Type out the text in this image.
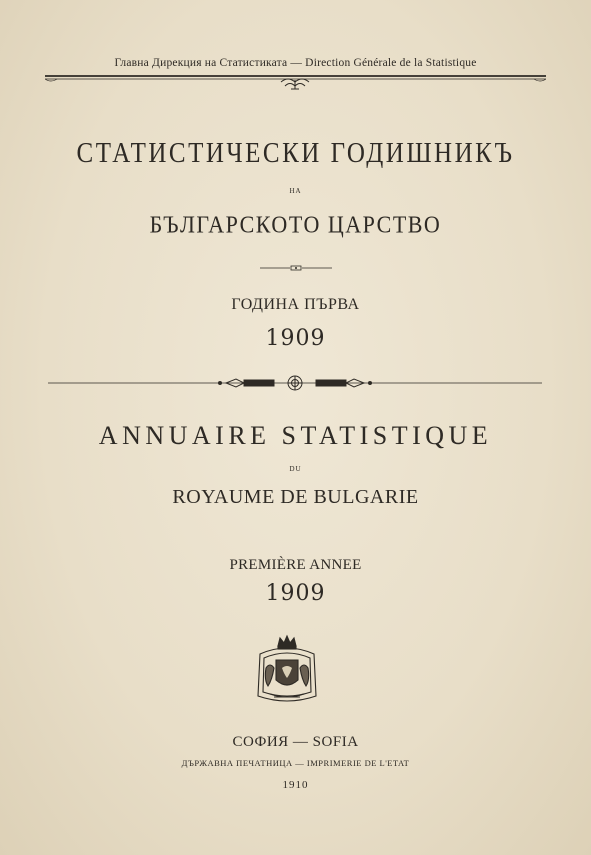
Главна Дирекция на Статистиката — Direction Générale de la Statistique
СТАТИСТИЧЕСКИ ГОДИШНИКЪ
НА
БЪЛГАРСКОТО ЦАРСТВО
ГОДИНА ПЪРВА
1909
ANNUAIRE STATISTIQUE
DU
ROYAUME DE BULGARIE
PREMIÈRE ANNEE
1909
СОФИЯ — SOFIA
ДЪРЖАВНА ПЕЧАТНИЦА — IMPRIMERIE DE L'ETAT
1910
